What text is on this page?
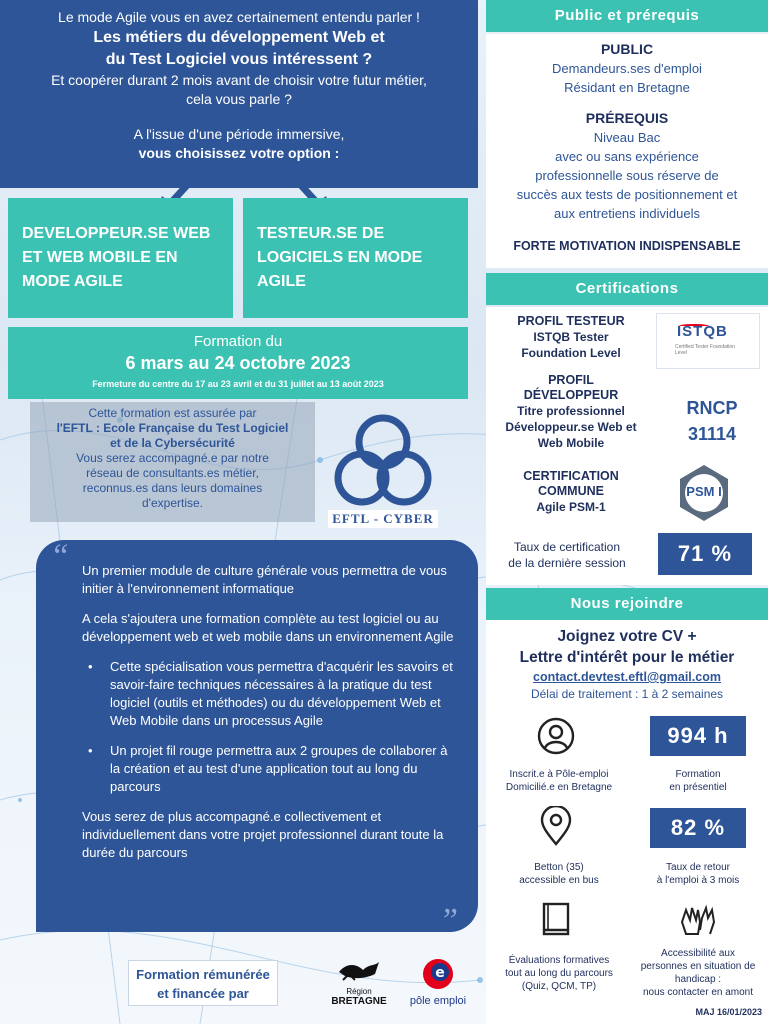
Le mode Agile vous en avez certainement entendu parler !
Les métiers du développement Web et
du Test Logiciel vous intéressent ?
Et coopérer durant 2 mois avant de choisir votre futur métier,
cela vous parle ?
A l'issue d'une période immersive,
vous choisissez votre option :
DEVELOPPEUR.SE WEB ET WEB MOBILE EN MODE AGILE
TESTEUR.SE DE LOGICIELS EN MODE AGILE
Formation du
6 mars au 24 octobre 2023
Fermeture du centre du 17 au 23 avril et du 31 juillet au 13 août 2023
Cette formation est assurée par
l'EFTL : Ecole Française du Test Logiciel
et de la Cybersécurité
Vous serez accompagné.e par notre
réseau de consultants.es métier,
reconnus.es dans leurs domaines
d'expertise.
EFTL - CYBER
“ Un premier module de culture générale vous permettra de vous initier à l'environnement informatique

A cela s'ajoutera une formation complète au test logiciel ou au développement web et web mobile dans un environnement Agile

• Cette spécialisation vous permettra d'acquérir les savoirs et savoir-faire techniques nécessaires à la pratique du test logiciel (outils et méthodes) ou du développement Web et Web Mobile dans un processus Agile
• Un projet fil rouge permettra aux 2 groupes de collaborer à la création et au test d'une application tout au long du parcours

Vous serez de plus accompagné.e collectivement et individuellement dans votre projet professionnel durant toute la durée du parcours

”
Formation rémunérée
et financée par	Région
BRETAGNE
e
pôle emploi
Public et prérequis
PUBLIC
Demandeurs.ses d'emploi
Résidant en Bretagne
PRÉREQUIS
Niveau Bac
avec ou sans expérience
professionnelle sous réserve de
succès aux tests de positionnement et
aux entretiens individuels
FORTE MOTIVATION INDISPENSABLE
Certifications
PROFIL TESTEUR
ISTQB Tester
Foundation Level
ISTQB
Certified Tester Foundation Level
PROFIL
DÉVELOPPEUR
Titre professionnel
Développeur.se Web et
Web Mobile
RNCP
31114
CERTIFICATION
COMMUNE
Agile PSM-1
PSM I
Taux de certification
de la dernière session	71 %
Nous rejoindre
Joignez votre CV +
Lettre d'intérêt pour le métier
contact.devtest.eftl@gmail.com
Délai de traitement : 1 à 2 semaines
Inscrit.e à Pôle-emploi
Domicilié.e en Bretagne
994 h
Formation
en présentiel
Betton (35)
accessible en bus
82 %
Taux de retour
à l'emploi à 3 mois
Évaluations formatives
tout au long du parcours
(Quiz, QCM, TP)
Accessibilité aux
personnes en situation de
handicap :
nous contacter en amont
MAJ 16/01/2023
